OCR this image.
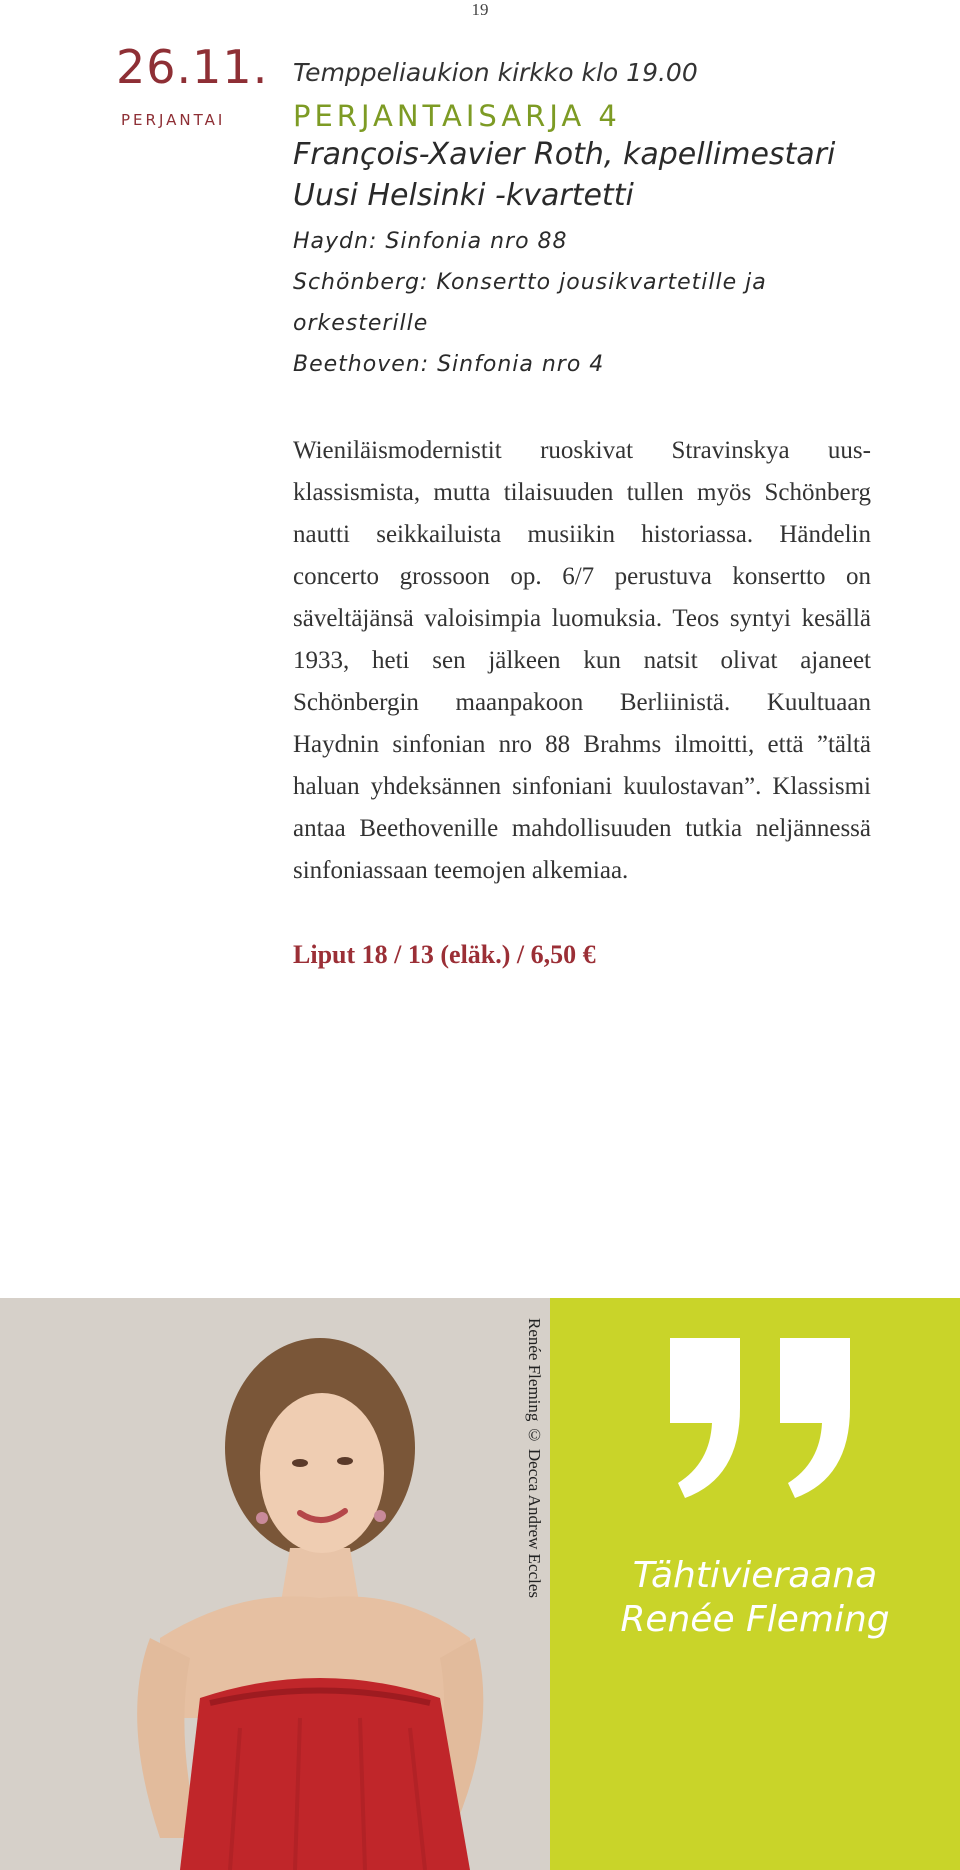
19
26.11.
PERJANTAI
Temppeliaukion kirkko klo 19.00
PERJANTAISARJA 4
François-Xavier Roth, kapellimestari
Uusi Helsinki -kvartetti
Haydn: Sinfonia nro 88
Schönberg: Konsertto jousikvartetille ja
orkesterille
Beethoven: Sinfonia nro 4
Wieniläismodernistit ruoskivat Stravinskya uusklassismista, mutta tilaisuuden tullen myös Schönberg nautti seikkailuista musiikin historiassa. Händelin concerto grossoon op. 6/7 perustuva konsertto on säveltäjänsä valoisimpia luomuksia. Teos syntyi kesällä 1933, heti sen jälkeen kun natsit olivat ajaneet Schönbergin maanpakoon Berliinistä. Kuultuaan Haydnin sinfonian nro 88 Brahms ilmoitti, että ”tältä haluan yhdeksännen sinfoniani kuulostavan”. Klassismi antaa Beethovenille mahdollisuuden tutkia neljännessä sinfoniassaan teemojen alkemiaa.
Liput 18 / 13 (eläk.) / 6,50 €
Renée Fleming © Decca Andrew Eccles	Tähtivieraana
Renée Fleming
